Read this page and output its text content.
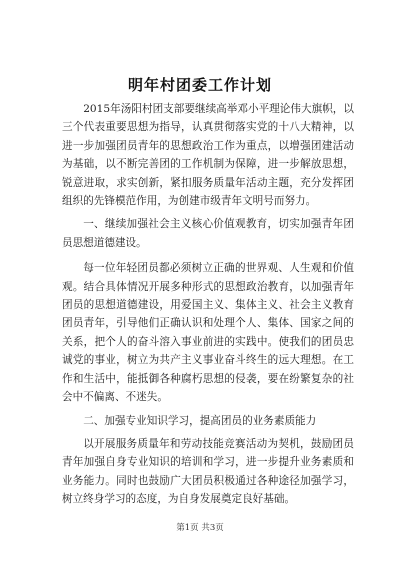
明年村团委工作计划

2015年汤阳村团支部要继续高举邓小平理论伟大旗帜，以三个代表重要思想为指导，认真贯彻落实党的十八大精神，以进一步加强团员青年的思想政治工作为重点，以增强团建活动为基础，以不断完善团的工作机制为保障，进一步解放思想，锐意进取，求实创新，紧扣服务质量年活动主题，充分发挥团组织的先锋模范作用，为创建市级青年文明号而努力。

一、继续加强社会主义核心价值观教育，切实加强青年团员思想道德建设。

每一位年轻团员都必须树立正确的世界观、人生观和价值观。结合具体情况开展多种形式的思想政治教育，以加强青年团员的思想道德建设，用爱国主义、集体主义、社会主义教育团员青年，引导他们正确认识和处理个人、集体、国家之间的关系，把个人的奋斗溶入事业前进的实践中。使我们的团员忠诚党的事业，树立为共产主义事业奋斗终生的远大理想。在工作和生活中，能抵御各种腐朽思想的侵袭，要在纷繁复杂的社会中不偏离、不迷失。

二、加强专业知识学习，提高团员的业务素质能力

以开展服务质量年和劳动技能竞赛活动为契机，鼓励团员青年加强自身专业知识的培训和学习，进一步提升业务素质和业务能力。同时也鼓励广大团员积极通过各种途径加强学习，树立终身学习的态度，为自身发展奠定良好基础。

第1页 共3页
